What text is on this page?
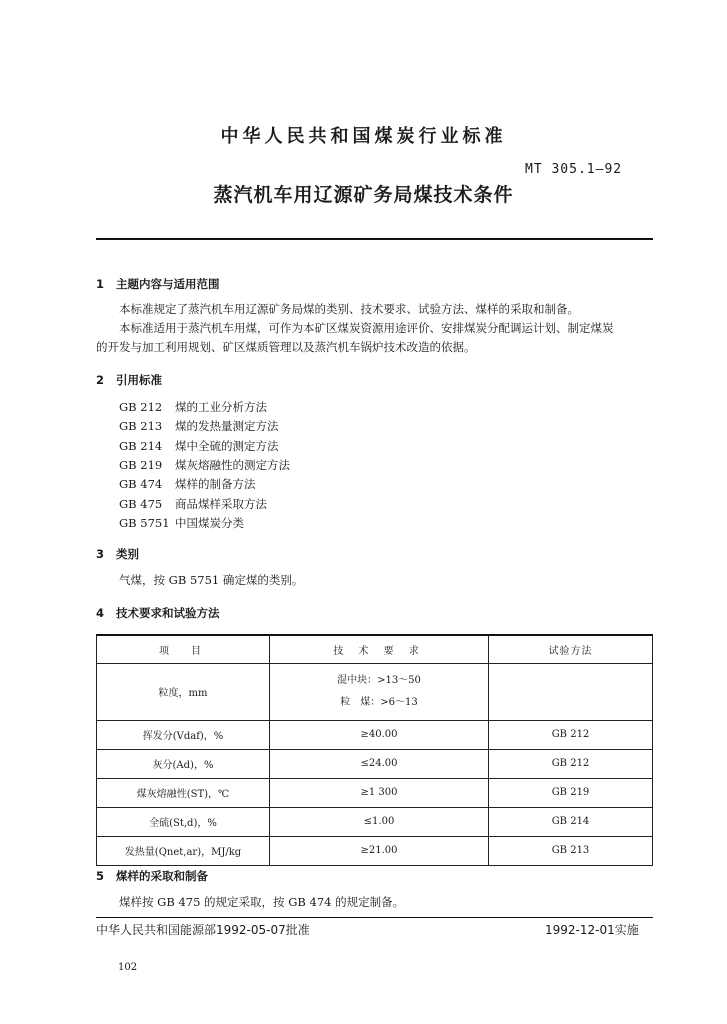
中华人民共和国煤炭行业标准
MT 305.1—92
蒸汽机车用辽源矿务局煤技术条件
1 主题内容与适用范围
本标准规定了蒸汽机车用辽源矿务局煤的类别、技术要求、试验方法、煤样的采取和制备。
本标准适用于蒸汽机车用煤，可作为本矿区煤炭资源用途评价、安排煤炭分配调运计划、制定煤炭
的开发与加工利用规划、矿区煤质管理以及蒸汽机车锅炉技术改造的依据。
2 引用标准
GB 212 煤的工业分析方法
GB 213 煤的发热量测定方法
GB 214 煤中全硫的测定方法
GB 219 煤灰熔融性的测定方法
GB 474 煤样的制备方法
GB 475 商品煤样采取方法
GB 5751 中国煤炭分类
3 类别
气煤，按 GB 5751 确定煤的类别。
4 技术要求和试验方法
项　目	技 术 要 求	试验方法
粒度，mm	混中块：>13～50
粒　煤：>6～13	

挥发分(Vdaf)，%	≥40.00	GB 212
灰分(Ad)，%	≤24.00	GB 212
煤灰熔融性(ST)，℃	≥1 300	GB 219
全硫(St,d)，%	≤1.00	GB 214
发热量(Qnet,ar)，MJ/kg	≥21.00	GB 213
5 煤样的采取和制备
煤样按 GB 475 的规定采取，按 GB 474 的规定制备。
中华人民共和国能源部1992-05-07批准	1992-12-01实施
102
